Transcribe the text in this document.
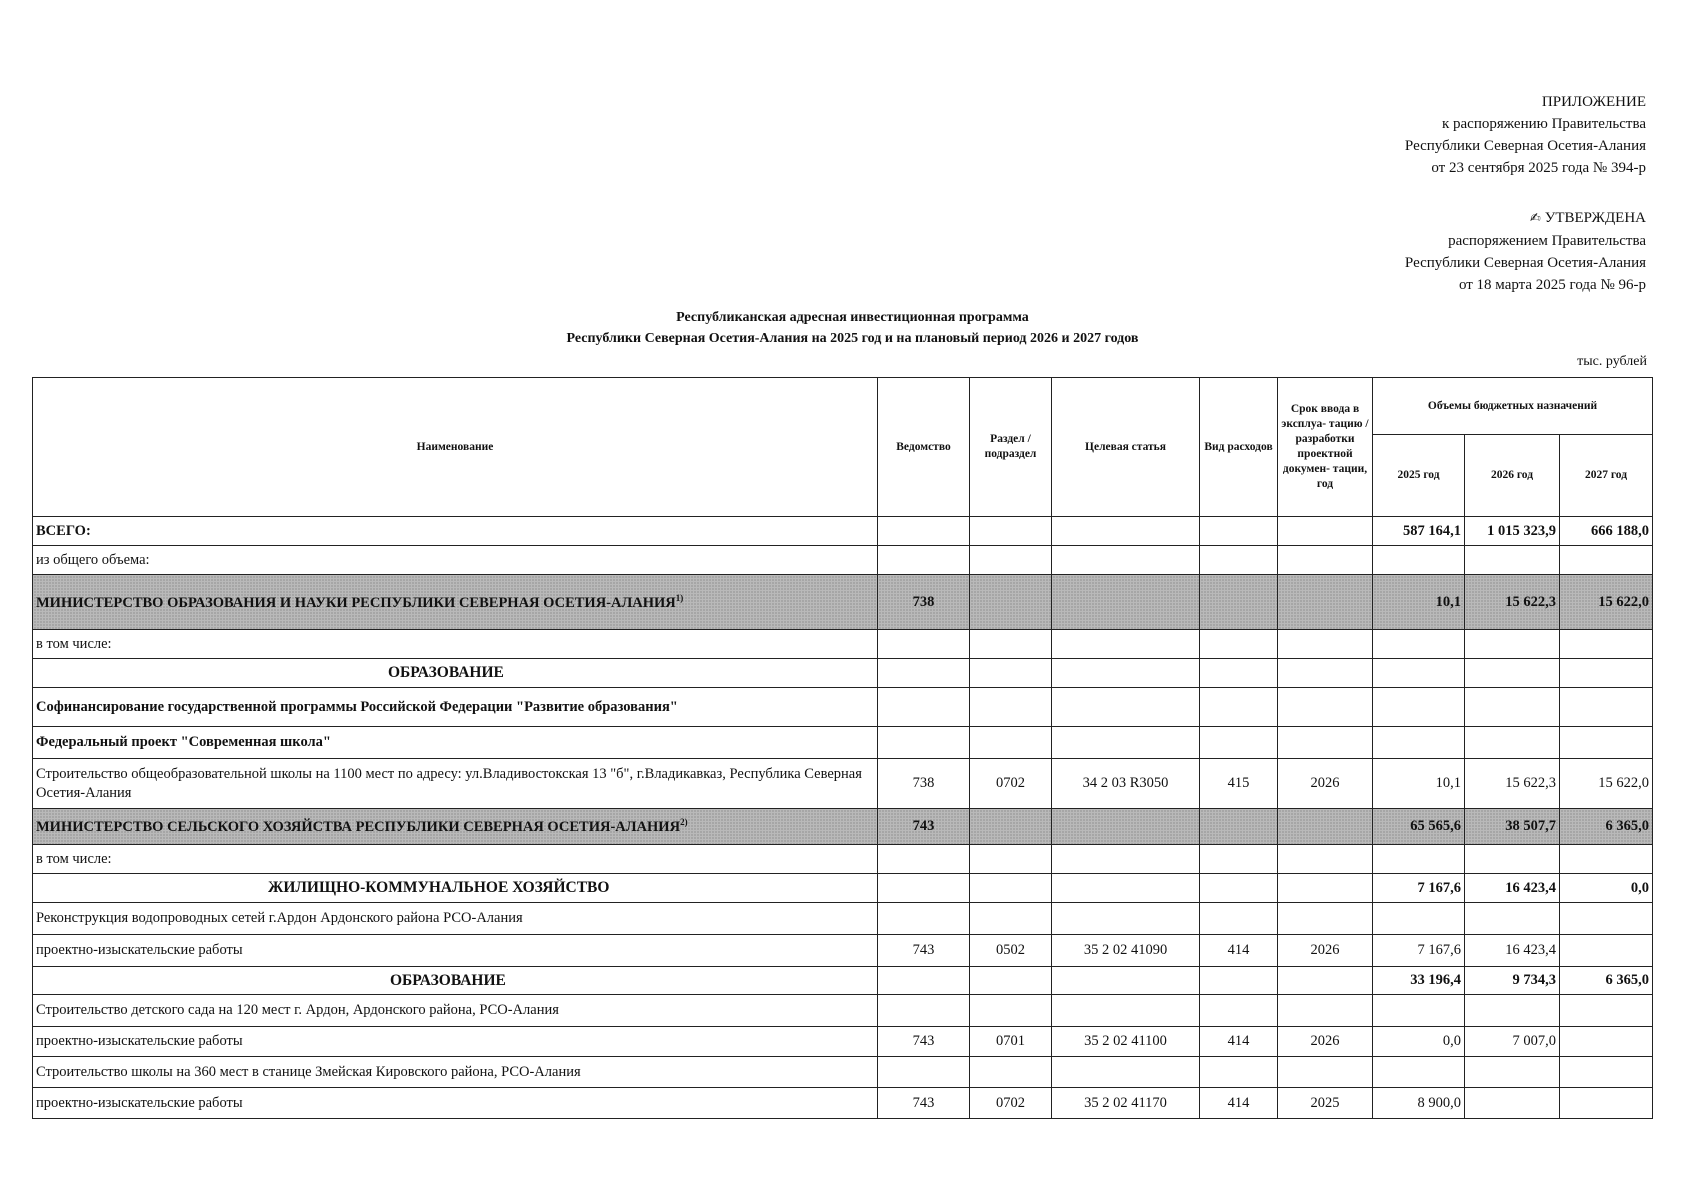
ПРИЛОЖЕНИЕ
к распоряжению Правительства
Республики Северная Осетия-Алания
от 23 сентября 2025 года № 394-р
✍ УТВЕРЖДЕНА
распоряжением Правительства
Республики Северная Осетия-Алания
от 18 марта 2025 года № 96-р
Республиканская адресная инвестиционная программа
Республики Северная Осетия-Алания на 2025 год и на плановый период 2026 и 2027 годов
тыс. рублей
Наименование	Ведомство	Раздел / подраздел	Целевая статья	Вид расходов	Срок ввода в эксплуа- тацию / разработки проектной докумен- тации, год	Объемы бюджетных назначений		
						2025 год	2026 год	2027 год
ВСЕГО:						587 164,1	1 015 323,9	666 188,0
из общего объема:								
МИНИСТЕРСТВО ОБРАЗОВАНИЯ И НАУКИ РЕСПУБЛИКИ СЕВЕРНАЯ ОСЕТИЯ-АЛАНИЯ$^{1)}$	738					10,1	15 622,3	15 622,0
в том числе:								
ОБРАЗОВАНИЕ								
Софинансирование государственной программы Российской Федерации "Развитие образования"								
Федеральный проект "Современная школа"								
Строительство общеобразовательной школы на 1100 мест по адресу: ул.Владивостокская 13 "б", г.Владикавказ, Республика Северная Осетия-Алания	738	0702	34 2 03 R3050	415	2026	10,1	15 622,3	15 622,0
МИНИСТЕРСТВО СЕЛЬСКОГО ХОЗЯЙСТВА РЕСПУБЛИКИ СЕВЕРНАЯ ОСЕТИЯ-АЛАНИЯ$^{2)}$	743					65 565,6	38 507,7	6 365,0
в том числе:								
ЖИЛИЩНО-КОММУНАЛЬНОЕ ХОЗЯЙСТВО						7 167,6	16 423,4	0,0
Реконструкция водопроводных сетей г.Ардон Ардонского района РСО-Алания								
проектно-изыскательские работы	743	0502	35 2 02 41090	414	2026	7 167,6	16 423,4	
ОБРАЗОВАНИЕ						33 196,4	9 734,3	6 365,0
Строительство детского сада на 120 мест г. Ардон, Ардонского района, РСО-Алания								
проектно-изыскательские работы	743	0701	35 2 02 41100	414	2026	0,0	7 007,0	
Строительство школы на 360 мест в станице Змейская Кировского района, РСО-Алания								
проектно-изыскательские работы	743	0702	35 2 02 41170	414	2025	8 900,0		
